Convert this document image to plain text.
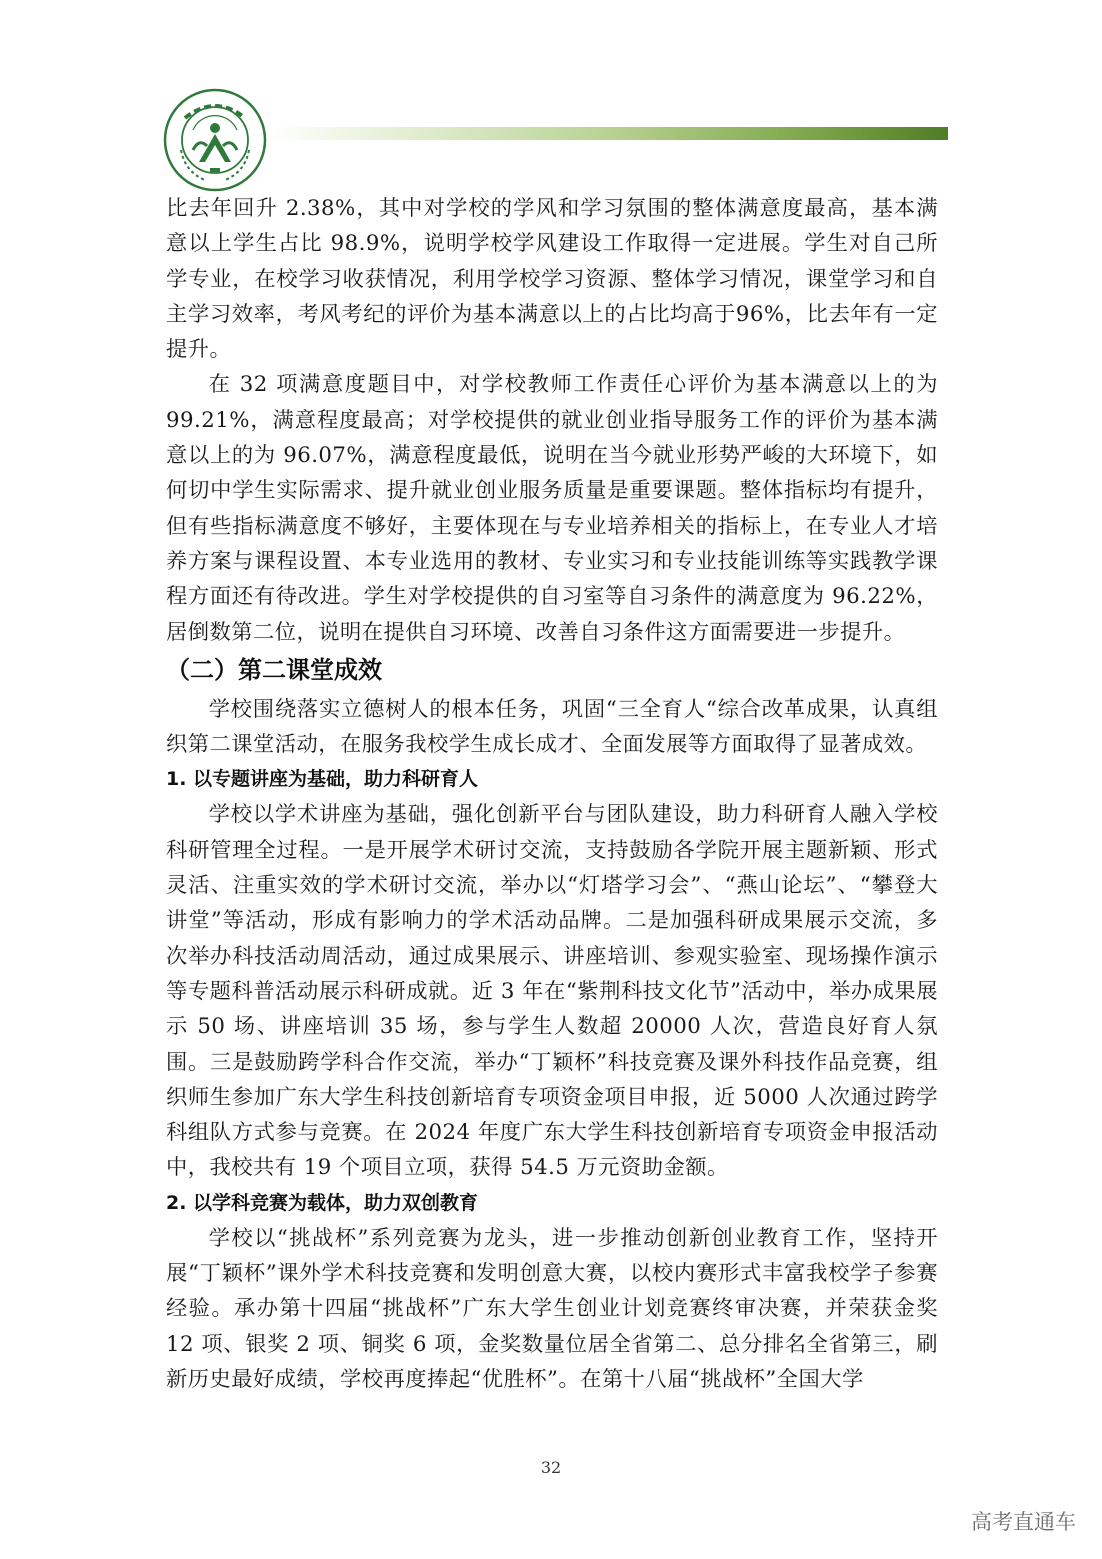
比去年回升 2.38%，其中对学校的学风和学习氛围的整体满意度最高，基本满意以上学生占比 98.9%，说明学校学风建设工作取得一定进展。学生对自己所学专业，在校学习收获情况，利用学校学习资源、整体学习情况，课堂学习和自主学习效率，考风考纪的评价为基本满意以上的占比均高于96%，比去年有一定提升。

在 32 项满意度题目中，对学校教师工作责任心评价为基本满意以上的为 99.21%，满意程度最高；对学校提供的就业创业指导服务工作的评价为基本满意以上的为 96.07%，满意程度最低，说明在当今就业形势严峻的大环境下，如何切中学生实际需求、提升就业创业服务质量是重要课题。整体指标均有提升，但有些指标满意度不够好，主要体现在与专业培养相关的指标上，在专业人才培养方案与课程设置、本专业选用的教材、专业实习和专业技能训练等实践教学课程方面还有待改进。学生对学校提供的自习室等自习条件的满意度为 96.22%，居倒数第二位，说明在提供自习环境、改善自习条件这方面需要进一步提升。

（二）第二课堂成效

学校围绕落实立德树人的根本任务，巩固“三全育人“综合改革成果，认真组织第二课堂活动，在服务我校学生成长成才、全面发展等方面取得了显著成效。

1. 以专题讲座为基础，助力科研育人

学校以学术讲座为基础，强化创新平台与团队建设，助力科研育人融入学校科研管理全过程。一是开展学术研讨交流，支持鼓励各学院开展主题新颖、形式灵活、注重实效的学术研讨交流，举办以“灯塔学习会”、“燕山论坛”、“攀登大讲堂”等活动，形成有影响力的学术活动品牌。二是加强科研成果展示交流，多次举办科技活动周活动，通过成果展示、讲座培训、参观实验室、现场操作演示等专题科普活动展示科研成就。近 3 年在“紫荆科技文化节”活动中，举办成果展示 50 场、讲座培训 35 场，参与学生人数超 20000 人次，营造良好育人氛围。三是鼓励跨学科合作交流，举办“丁颖杯”科技竞赛及课外科技作品竞赛，组织师生参加广东大学生科技创新培育专项资金项目申报，近 5000 人次通过跨学科组队方式参与竞赛。在 2024 年度广东大学生科技创新培育专项资金申报活动中，我校共有 19 个项目立项，获得 54.5 万元资助金额。

2. 以学科竞赛为载体，助力双创教育

学校以“挑战杯”系列竞赛为龙头，进一步推动创新创业教育工作，坚持开展“丁颖杯”课外学术科技竞赛和发明创意大赛，以校内赛形式丰富我校学子参赛经验。承办第十四届“挑战杯”广东大学生创业计划竞赛终审决赛，并荣获金奖 12 项、银奖 2 项、铜奖 6 项，金奖数量位居全省第二、总分排名全省第三，刷新历史最好成绩，学校再度捧起“优胜杯”。在第十八届“挑战杯”全国大学

32
高考直通车
